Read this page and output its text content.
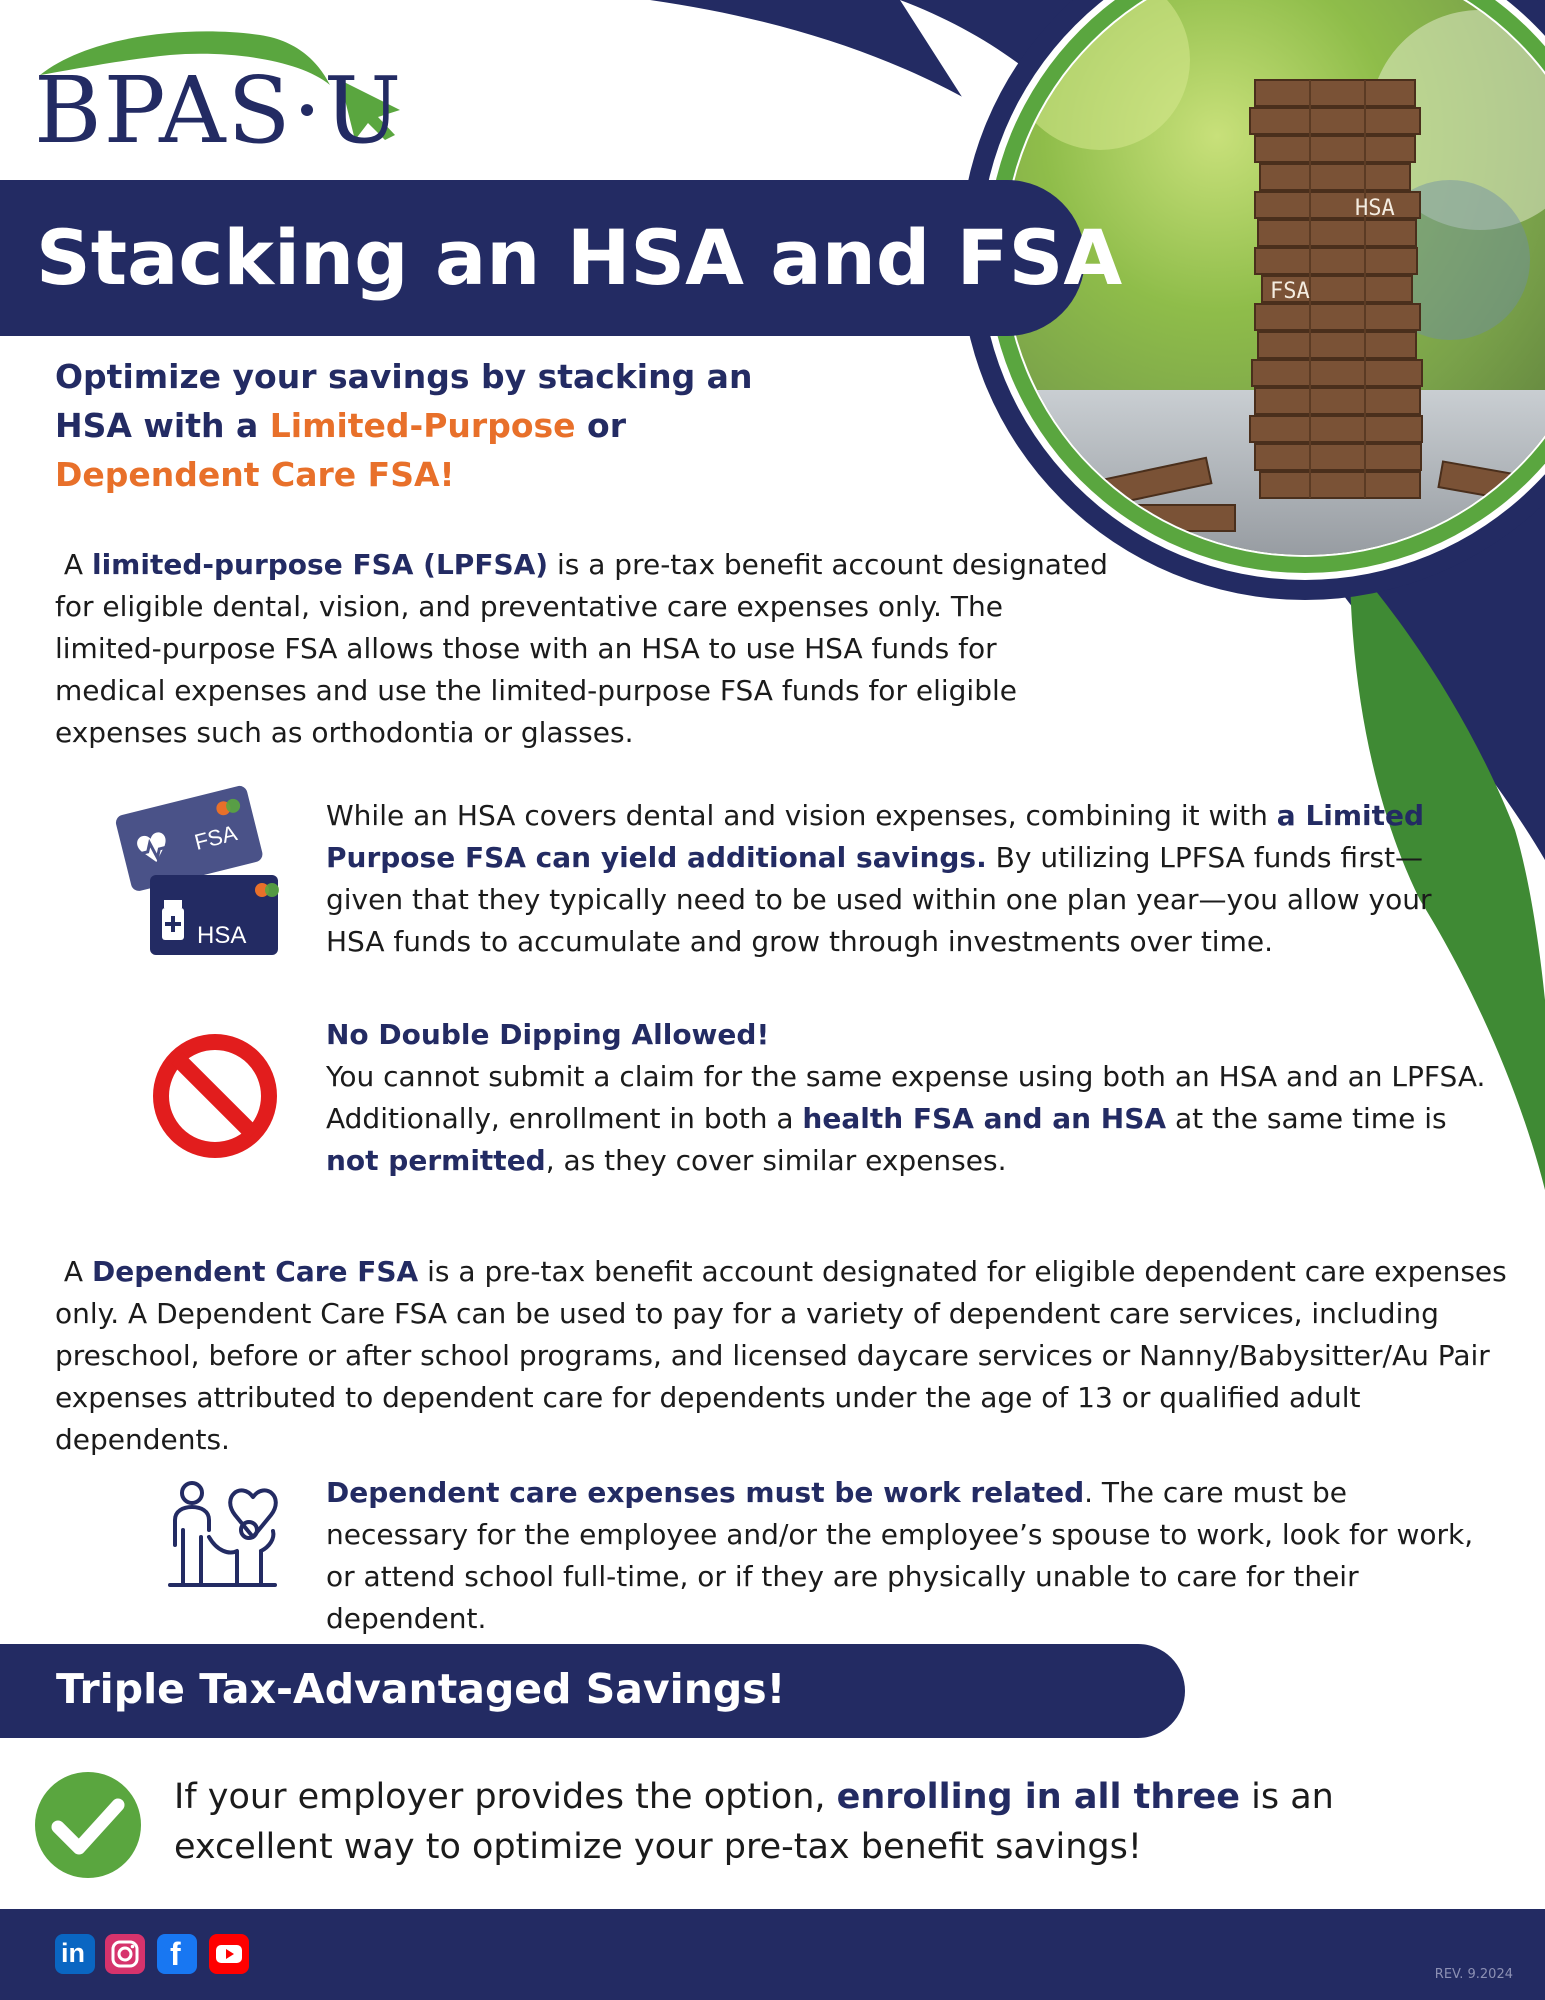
HSA
FSA
BPAS·U
Stacking an HSA and FSA
Optimize your savings by stacking an HSA with a Limited-Purpose or
Dependent Care FSA!
A limited-purpose FSA (LPFSA) is a pre-tax benefit account designated for eligible dental, vision, and preventative care expenses only. The limited-purpose FSA allows those with an HSA to use HSA funds for medical expenses and use the limited-purpose FSA funds for eligible expenses such as orthodontia or glasses.
FSA
HSA
While an HSA covers dental and vision expenses, combining it with a Limited Purpose FSA can yield additional savings. By utilizing LPFSA funds first—given that they typically need to be used within one plan year—you allow your HSA funds to accumulate and grow through investments over time.
No Double Dipping Allowed!
You cannot submit a claim for the same expense using both an HSA and an LPFSA. Additionally, enrollment in both a health FSA and an HSA at the same time is not permitted, as they cover similar expenses.
A Dependent Care FSA is a pre-tax benefit account designated for eligible dependent care expenses only. A Dependent Care FSA can be used to pay for a variety of dependent care services, including preschool, before or after school programs, and licensed daycare services or Nanny/Babysitter/Au Pair expenses attributed to dependent care for dependents under the age of 13 or qualified adult dependents.
Dependent care expenses must be work related. The care must be necessary for the employee and/or the employee’s spouse to work, look for work, or attend school full-time, or if they are physically unable to care for their dependent.
Triple Tax-Advantaged Savings!
If your employer provides the option, enrolling in all three is an excellent way to optimize your pre-tax benefit savings!
in	f
REV. 9.2024
